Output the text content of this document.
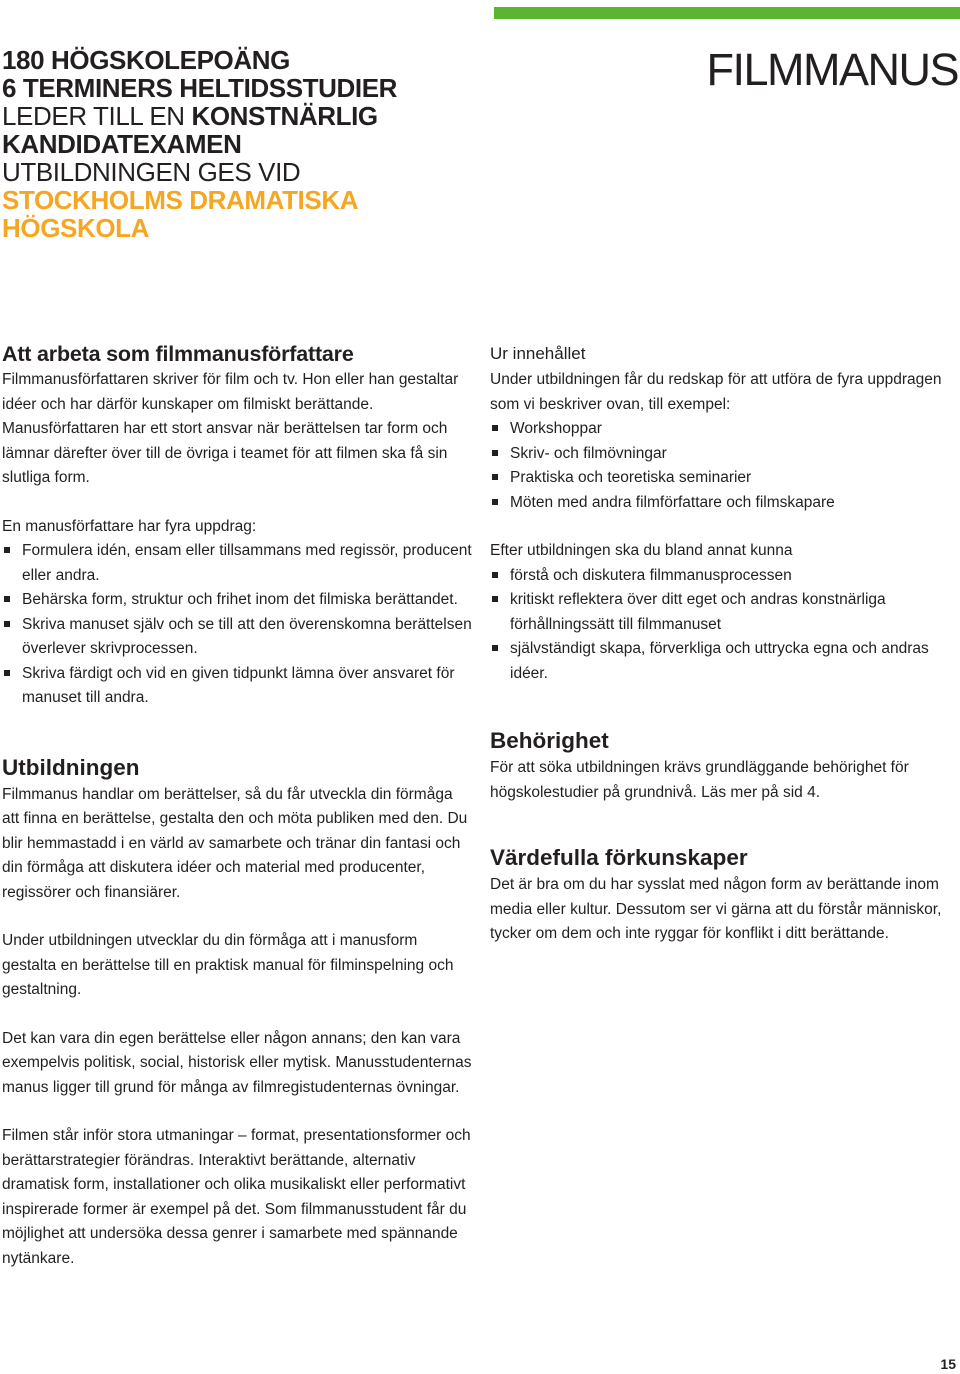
FILMMANUS
180 HÖGSKOLEPOÄNG
6 TERMINERS HELTIDSSTUDIER
LEDER TILL EN KONSTNÄRLIG
KANDIDATEXAMEN
UTBILDNINGEN GES VID
STOCKHOLMS DRAMATISKA
HÖGSKOLA
Att arbeta som filmmanusförfattare

Filmmanusförfattaren skriver för film och tv. Hon eller han gestaltar idéer och har därför kunskaper om filmiskt berättande. Manusförfattaren har ett stort ansvar när berättelsen tar form och lämnar därefter över till de övriga i teamet för att filmen ska få sin slutliga form.

En manusförfattare har fyra uppdrag:

Formulera idén, ensam eller tillsammans med regissör, producent eller andra.
Behärska form, struktur och frihet inom det filmiska berättandet.
Skriva manuset själv och se till att den överenskomna berättelsen överlever skrivprocessen.
Skriva färdigt och vid en given tidpunkt lämna över ansvaret för manuset till andra.
Utbildningen

Filmmanus handlar om berättelser, så du får utveckla din förmåga att finna en berättelse, gestalta den och möta publiken med den. Du blir hemmastadd i en värld av samarbete och tränar din fantasi och din förmåga att diskutera idéer och material med producenter, regissörer och finansiärer.

Under utbildningen utvecklar du din förmåga att i manusform gestalta en berättelse till en praktisk manual för filminspelning och gestaltning.

Det kan vara din egen berättelse eller någon annans; den kan vara exempelvis politisk, social, historisk eller mytisk. Manusstudenternas manus ligger till grund för många av filmregistudenternas övningar.

Filmen står inför stora utmaningar – format, presentationsformer och berättarstrategier förändras. Interaktivt berättande, alternativ dramatisk form, installationer och olika musikaliskt eller performativt inspirerade former är exempel på det. Som filmmanusstudent får du möjlighet att undersöka dessa genrer i samarbete med spännande nytänkare.

Ur innehållet

Under utbildningen får du redskap för att utföra de fyra uppdragen som vi beskriver ovan, till exempel:

Workshoppar
Skriv- och filmövningar
Praktiska och teoretiska seminarier
Möten med andra filmförfattare och filmskapare

Efter utbildningen ska du bland annat kunna

förstå och diskutera filmmanusprocessen
kritiskt reflektera över ditt eget och andras konstnärliga förhållningssätt till filmmanuset
självständigt skapa, förverkliga och uttrycka egna och andras idéer.
Behörighet

För att söka utbildningen krävs grundläggande behörighet för högskolestudier på grundnivå. Läs mer på sid 4.

Värdefulla förkunskaper

Det är bra om du har sysslat med någon form av berättande inom media eller kultur. Dessutom ser vi gärna att du förstår människor, tycker om dem och inte ryggar för konflikt i ditt berättande.

15
